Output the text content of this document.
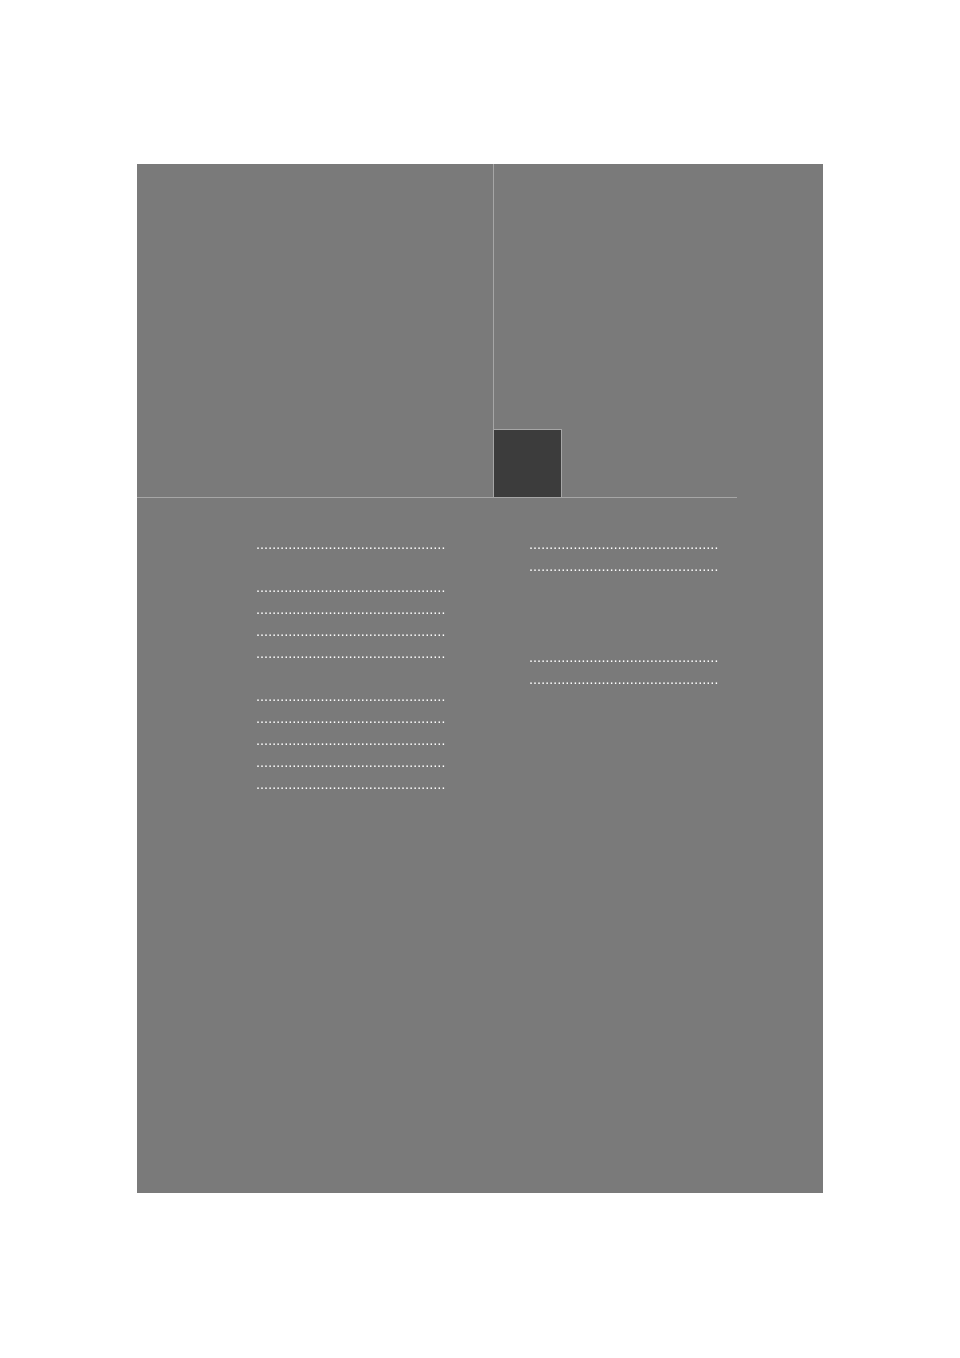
.....
.....
.....
.....
.....
.....
.....
.....
.....
.....
.....
.....
.....
.....
